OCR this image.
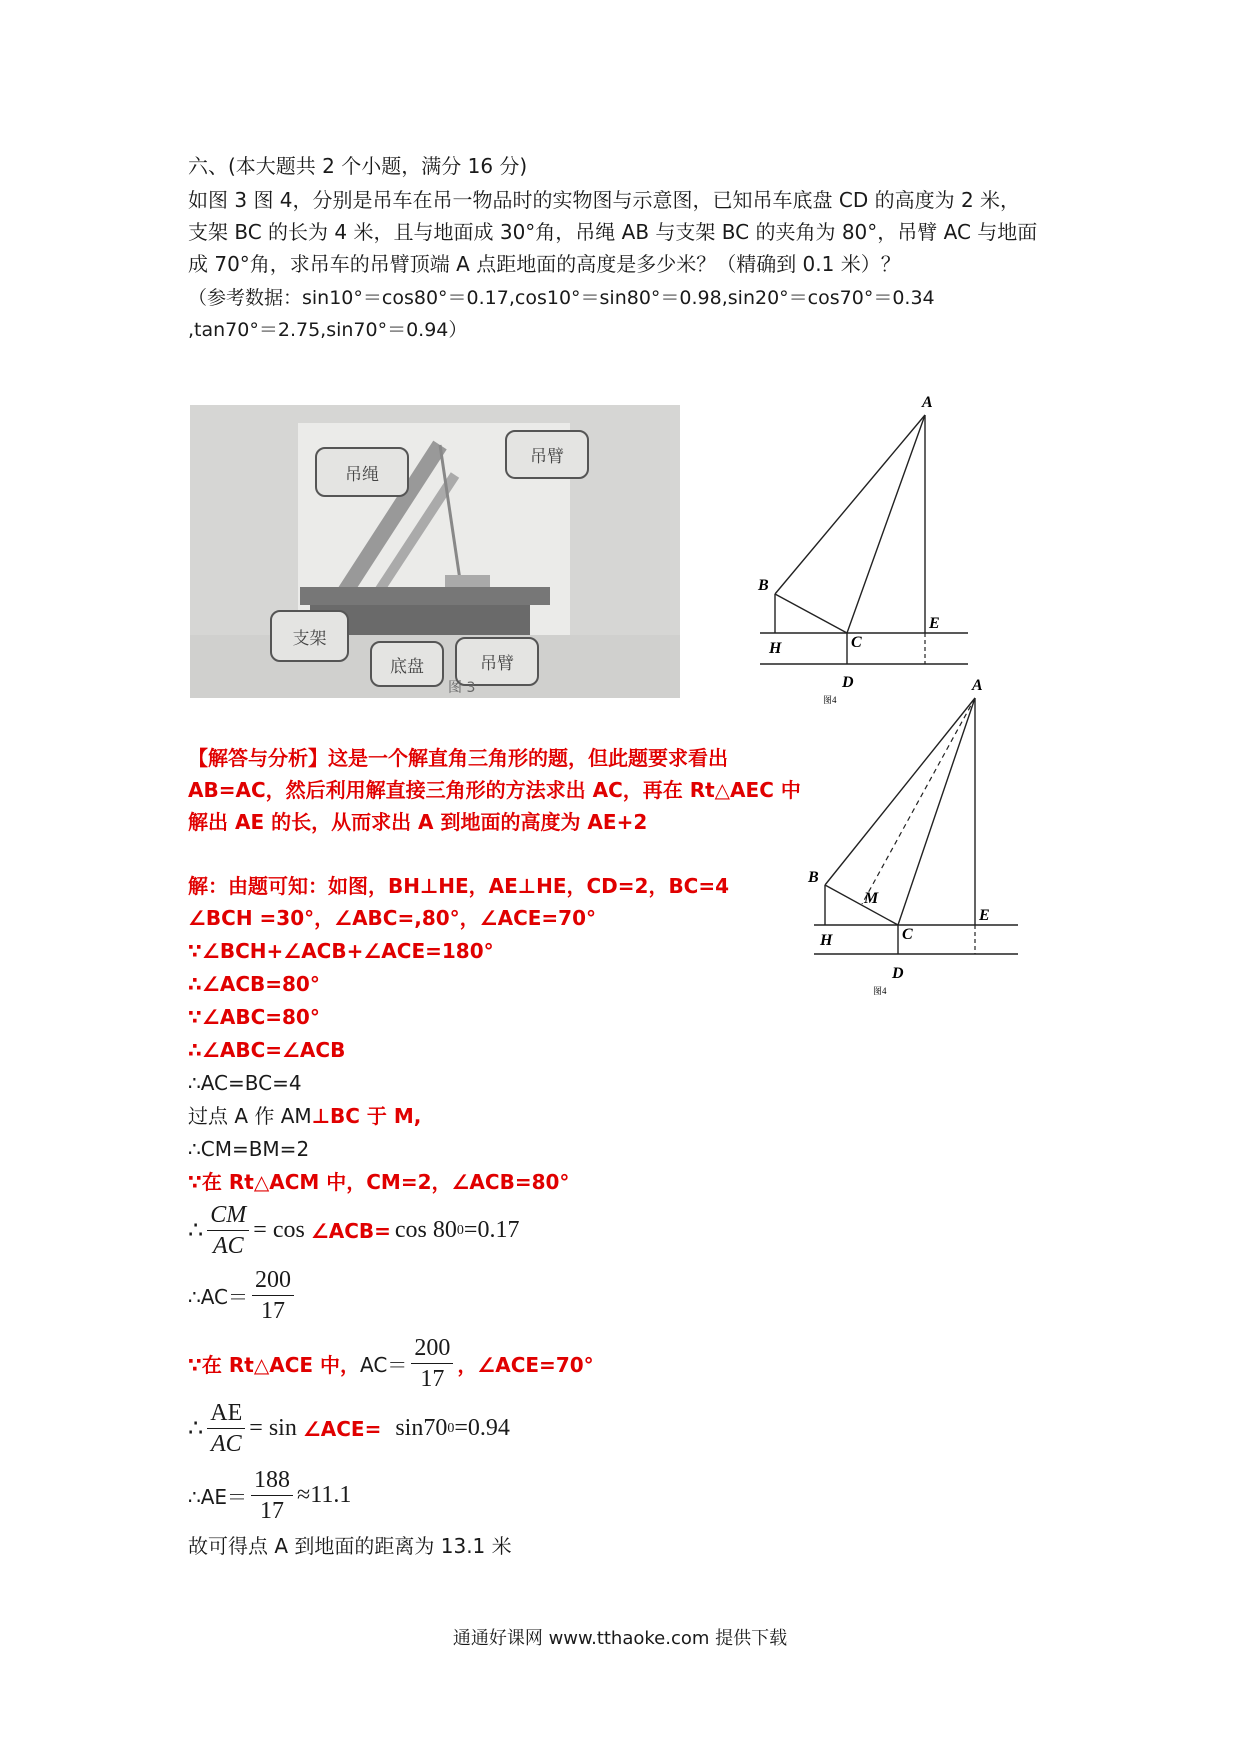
六、(本大题共 2 个小题，满分 16 分)
如图 3 图 4，分别是吊车在吊一物品时的实物图与示意图，已知吊车底盘 CD 的高度为 2 米，
支架 BC 的长为 4 米，且与地面成 30°角，吊绳 AB 与支架 BC 的夹角为 80°，吊臂 AC 与地面
成 70°角，求吊车的吊臂顶端 A 点距地面的高度是多少米？（精确到 0.1 米）？
（参考数据：sin10°＝cos80°＝0.17,cos10°＝sin80°＝0.98,sin20°＝cos70°＝0.34
,tan70°＝2.75,sin70°＝0.94）
吊绳
吊臂
支架
底盘	吊臂
图 3
A
B
C
D
E
H
图4
A
B
C
D
E
H
M
图4
【解答与分析】这是一个解直角三角形的题，但此题要求看出
AB=AC，然后利用解直接三角形的方法求出 AC，再在 Rt△AEC 中
解出 AE 的长，从而求出 A 到地面的高度为 AE+2
解：由题可知：如图，BH⊥HE，AE⊥HE，CD=2，BC=4
∠BCH =30°，∠ABC=,80°，∠ACE=70°
∵∠BCH+∠ACB+∠ACE=180°
∴∠ACB=80°
∵∠ABC=80°
∴∠ABC=∠ACB
∴AC=BC=4
过点 A 作 AM⊥BC 于 M,
∴CM=BM=2
∵在 Rt△ACM 中，CM=2，∠ACB=80°
∴ $\frac{CM}{AC} = \cos$ ∠ACB= cos 80 0 =0.17
∴AC＝ $\frac{200}{17}$
∵在 Rt△ACE 中， $AC= \frac{200}{17}$ ，∠ACE=70°
∴ $\frac{AE}{AC} = \sin$ ∠ACE= sin70 0 =0.94
∴AE＝ $\frac{188}{17} \approx 11.1$
故可得点 A 到地面的距离为 13.1 米
通通好课网 www.tthaoke.com 提供下载
